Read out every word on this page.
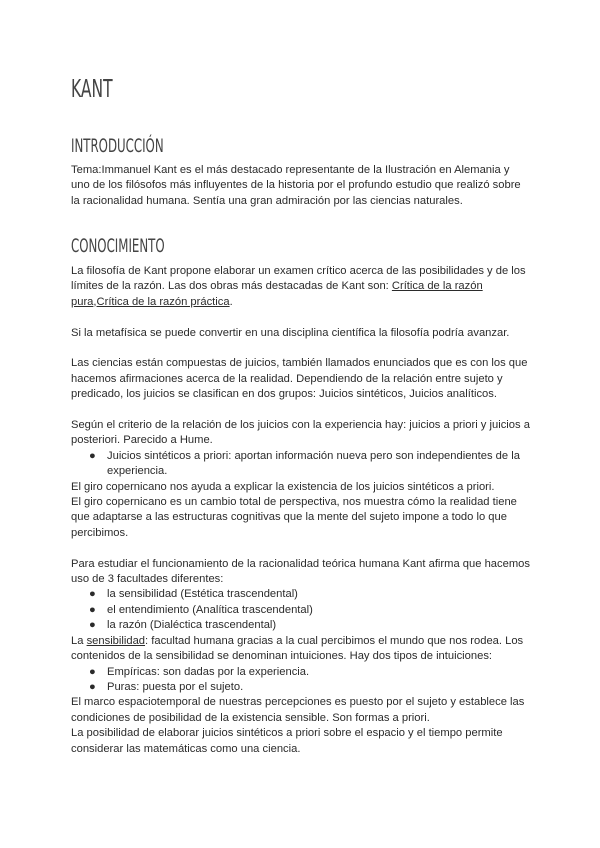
KANT
INTRODUCCIÓN

Tema:Immanuel Kant es el más destacado representante de la Ilustración en Alemania y

uno de los filósofos más influyentes de la historia por el profundo estudio que realizó sobre

la racionalidad humana. Sentía una gran admiración por las ciencias naturales.

CONOCIMIENTO

La filosofía de Kant propone elaborar un examen crítico acerca de las posibilidades y de los

límites de la razón. Las dos obras más destacadas de Kant son: Crítica de la razón

pura,Crítica de la razón práctica.

Si la metafísica se puede convertir en una disciplina científica la filosofía podría avanzar.

Las ciencias están compuestas de juicios, también llamados enunciados que es con los que

hacemos afirmaciones acerca de la realidad. Dependiendo de la relación entre sujeto y

predicado, los juicios se clasifican en dos grupos: Juicios sintéticos, Juicios analíticos.

Según el criterio de la relación de los juicios con la experiencia hay: juicios a priori y juicios a

posteriori. Parecido a Hume.

● Juicios sintéticos a priori: aportan información nueva pero son independientes de la

experiencia.

El giro copernicano nos ayuda a explicar la existencia de los juicios sintéticos a priori.

El giro copernicano es un cambio total de perspectiva, nos muestra cómo la realidad tiene

que adaptarse a las estructuras cognitivas que la mente del sujeto impone a todo lo que

percibimos.

Para estudiar el funcionamiento de la racionalidad teórica humana Kant afirma que hacemos

uso de 3 facultades diferentes:

● la sensibilidad (Estética trascendental)

● el entendimiento (Analítica trascendental)

● la razón (Dialéctica trascendental)

La sensibilidad: facultad humana gracias a la cual percibimos el mundo que nos rodea. Los

contenidos de la sensibilidad se denominan intuiciones. Hay dos tipos de intuiciones:

● Empíricas: son dadas por la experiencia.

● Puras: puesta por el sujeto.

El marco espaciotemporal de nuestras percepciones es puesto por el sujeto y establece las

condiciones de posibilidad de la existencia sensible. Son formas a priori.

La posibilidad de elaborar juicios sintéticos a priori sobre el espacio y el tiempo permite

considerar las matemáticas como una ciencia.
